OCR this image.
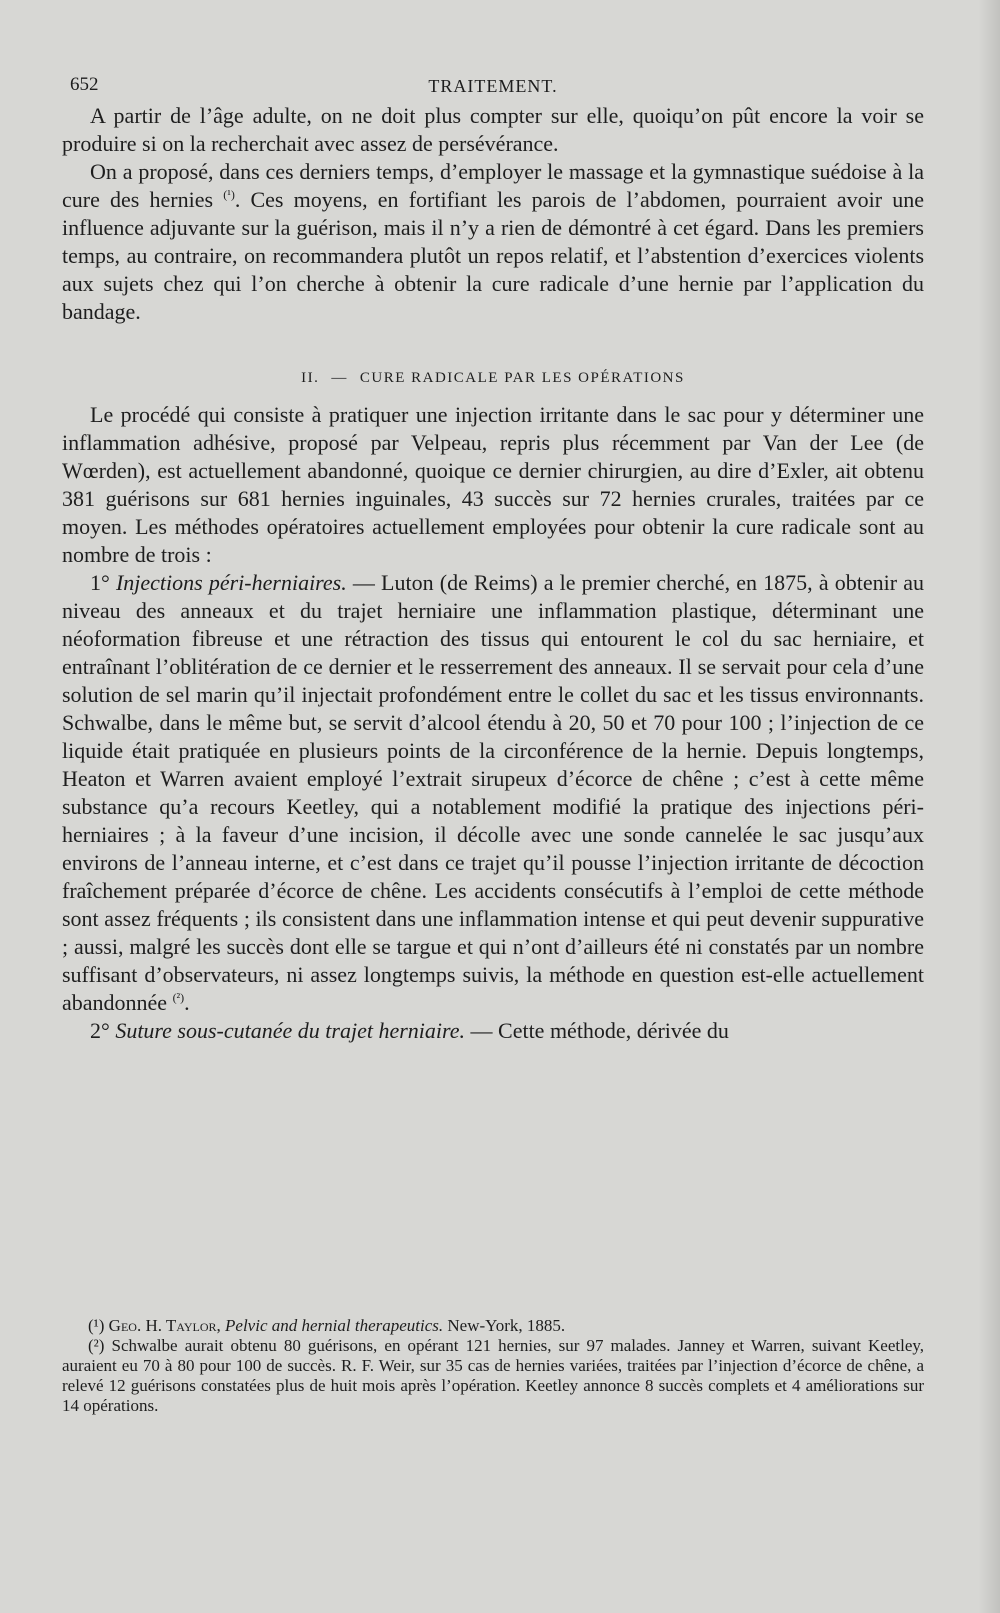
652	TRAITEMENT.

A partir de l’âge adulte, on ne doit plus compter sur elle, quoiqu’on pût encore la voir se produire si on la recherchait avec assez de persévérance.

On a proposé, dans ces derniers temps, d’employer le massage et la gymnastique suédoise à la cure des hernies $^{(^1)}$. Ces moyens, en fortifiant les parois de l’abdomen, pourraient avoir une influence adjuvante sur la guérison, mais il n’y a rien de démontré à cet égard. Dans les premiers temps, au contraire, on recommandera plutôt un repos relatif, et l’abstention d’exercices violents aux sujets chez qui l’on cherche à obtenir la cure radicale d’une hernie par l’application du bandage.

II. — CURE RADICALE PAR LES OPÉRATIONS

Le procédé qui consiste à pratiquer une injection irritante dans le sac pour y déterminer une inflammation adhésive, proposé par Velpeau, repris plus récemment par Van der Lee (de Wœrden), est actuellement abandonné, quoique ce dernier chirurgien, au dire d’Exler, ait obtenu 381 guérisons sur 681 hernies inguinales, 43 succès sur 72 hernies crurales, traitées par ce moyen. Les méthodes opératoires actuellement employées pour obtenir la cure radicale sont au nombre de trois :

1° Injections péri-herniaires. — Luton (de Reims) a le premier cherché, en 1875, à obtenir au niveau des anneaux et du trajet herniaire une inflammation plastique, déterminant une néoformation fibreuse et une rétraction des tissus qui entourent le col du sac herniaire, et entraînant l’oblitération de ce dernier et le resserrement des anneaux. Il se servait pour cela d’une solution de sel marin qu’il injectait profondément entre le collet du sac et les tissus environnants. Schwalbe, dans le même but, se servit d’alcool étendu à 20, 50 et 70 pour 100 ; l’injection de ce liquide était pratiquée en plusieurs points de la circonférence de la hernie. Depuis longtemps, Heaton et Warren avaient employé l’extrait sirupeux d’écorce de chêne ; c’est à cette même substance qu’a recours Keetley, qui a notablement modifié la pratique des injections péri-herniaires ; à la faveur d’une incision, il décolle avec une sonde cannelée le sac jusqu’aux environs de l’anneau interne, et c’est dans ce trajet qu’il pousse l’injection irritante de décoction fraîchement préparée d’écorce de chêne. Les accidents consécutifs à l’emploi de cette méthode sont assez fréquents ; ils consistent dans une inflammation intense et qui peut devenir suppurative ; aussi, malgré les succès dont elle se targue et qui n’ont d’ailleurs été ni constatés par un nombre suffisant d’observateurs, ni assez longtemps suivis, la méthode en question est-elle actuellement abandonnée $^{(^2)}$.

2° Suture sous-cutanée du trajet herniaire. — Cette méthode, dérivée du

(¹) Geo. H. Taylor, Pelvic and hernial therapeutics. New-York, 1885.

(²) Schwalbe aurait obtenu 80 guérisons, en opérant 121 hernies, sur 97 malades. Janney et Warren, suivant Keetley, auraient eu 70 à 80 pour 100 de succès. R. F. Weir, sur 35 cas de hernies variées, traitées par l’injection d’écorce de chêne, a relevé 12 guérisons constatées plus de huit mois après l’opération. Keetley annonce 8 succès complets et 4 améliorations sur 14 opérations.
